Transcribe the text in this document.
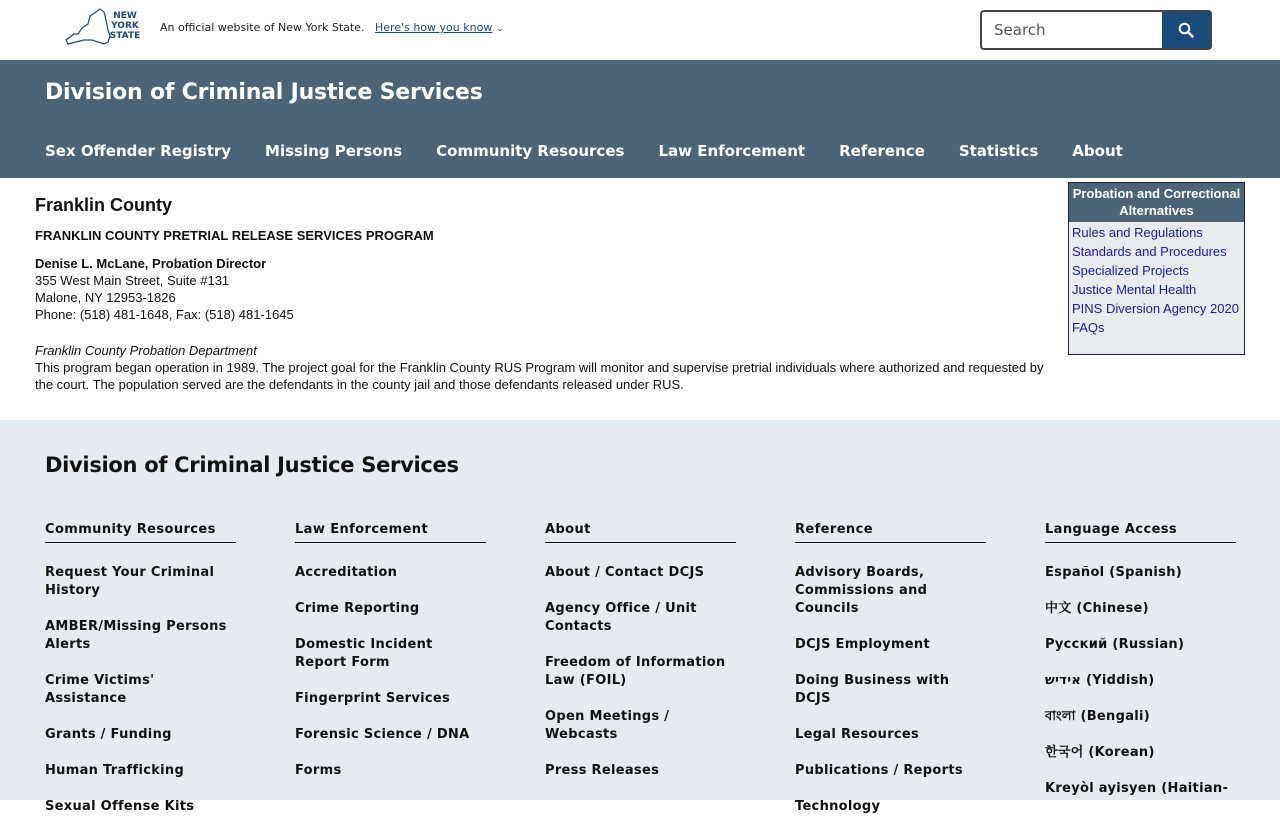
NEW YORK STATE
An official website of New York State. Here's how you know ⌄
Search
Division of Criminal Justice Services
Sex Offender Registry Missing Persons Community Resources Law Enforcement Reference Statistics About
Franklin County
FRANKLIN COUNTY PRETRIAL RELEASE SERVICES PROGRAM
Denise L. McLane, Probation Director
355 West Main Street, Suite #131
Malone, NY 12953-1826
Phone: (518) 481-1648, Fax: (518) 481-1645
Franklin County Probation Department

This program began operation in 1989. The project goal for the Franklin County RUS Program will monitor and supervise pretrial individuals where authorized and requested by the court. The population served are the defendants in the county jail and those defendants released under RUS.

Probation and Correctional Alternatives
Rules and Regulations
Standards and Procedures
Specialized Projects
Justice Mental Health
PINS Diversion Agency 2020
FAQs
Division of Criminal Justice Services
Community Resources
Request Your Criminal History
AMBER/Missing Persons Alerts
Crime Victims' Assistance
Grants / Funding
Human Trafficking
Sexual Offense Kits
Law Enforcement
Accreditation
Crime Reporting
Domestic Incident Report Form
Fingerprint Services
Forensic Science / DNA
Forms
About
About / Contact DCJS
Agency Office / Unit Contacts
Freedom of Information Law (FOIL)
Open Meetings / Webcasts
Press Releases
Reference
Advisory Boards, Commissions and Councils
DCJS Employment
Doing Business with DCJS
Legal Resources
Publications / Reports
Technology
Language Access
Español (Spanish)
中文 (Chinese)
Русский (Russian)
אידיש (Yiddish)
বাংলা (Bengali)
한국어 (Korean)
Kreyòl ayisyen (Haitian-
